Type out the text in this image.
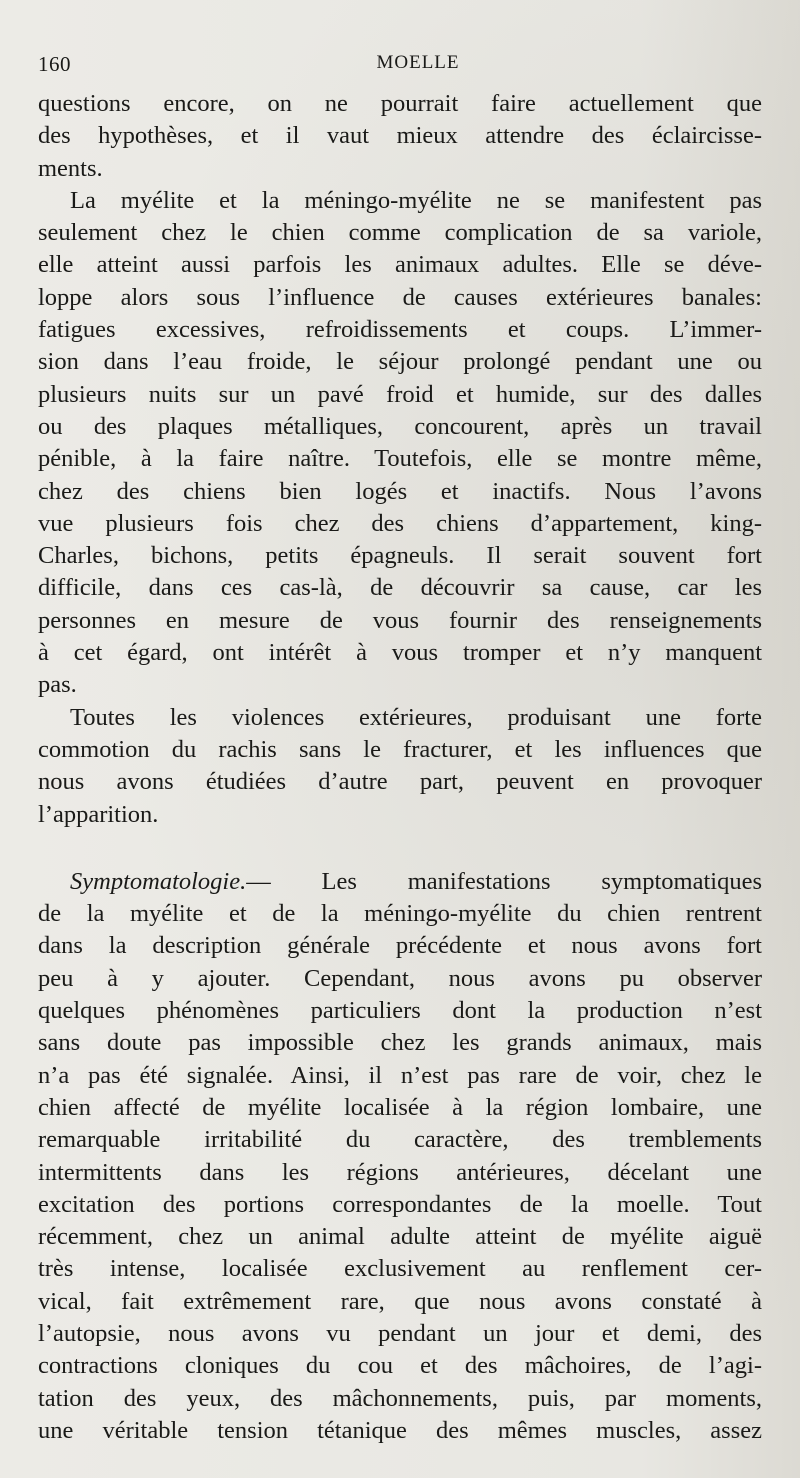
160	MOELLE
questions encore, on ne pourrait faire actuellement que
des hypothèses, et il vaut mieux attendre des éclaircisse-
ments.
La myélite et la méningo-myélite ne se manifestent pas
seulement chez le chien comme complication de sa variole,
elle atteint aussi parfois les animaux adultes. Elle se déve-
loppe alors sous l’influence de causes extérieures banales:
fatigues excessives, refroidissements et coups. L’immer-
sion dans l’eau froide, le séjour prolongé pendant une ou
plusieurs nuits sur un pavé froid et humide, sur des dalles
ou des plaques métalliques, concourent, après un travail
pénible, à la faire naître. Toutefois, elle se montre même,
chez des chiens bien logés et inactifs. Nous l’avons
vue plusieurs fois chez des chiens d’appartement, king-
Charles, bichons, petits épagneuls. Il serait souvent fort
difficile, dans ces cas-là, de découvrir sa cause, car les
personnes en mesure de vous fournir des renseignements
à cet égard, ont intérêt à vous tromper et n’y manquent
pas.
Toutes les violences extérieures, produisant une forte
commotion du rachis sans le fracturer, et les influences que
nous avons étudiées d’autre part, peuvent en provoquer
l’apparition.
Symptomatologie.— Les manifestations symptomatiques
de la myélite et de la méningo-myélite du chien rentrent
dans la description générale précédente et nous avons fort
peu à y ajouter. Cependant, nous avons pu observer
quelques phénomènes particuliers dont la production n’est
sans doute pas impossible chez les grands animaux, mais
n’a pas été signalée. Ainsi, il n’est pas rare de voir, chez le
chien affecté de myélite localisée à la région lombaire, une
remarquable irritabilité du caractère, des tremblements
intermittents dans les régions antérieures, décelant une
excitation des portions correspondantes de la moelle. Tout
récemment, chez un animal adulte atteint de myélite aiguë
très intense, localisée exclusivement au renflement cer-
vical, fait extrêmement rare, que nous avons constaté à
l’autopsie, nous avons vu pendant un jour et demi, des
contractions cloniques du cou et des mâchoires, de l’agi-
tation des yeux, des mâchonnements, puis, par moments,
une véritable tension tétanique des mêmes muscles, assez
